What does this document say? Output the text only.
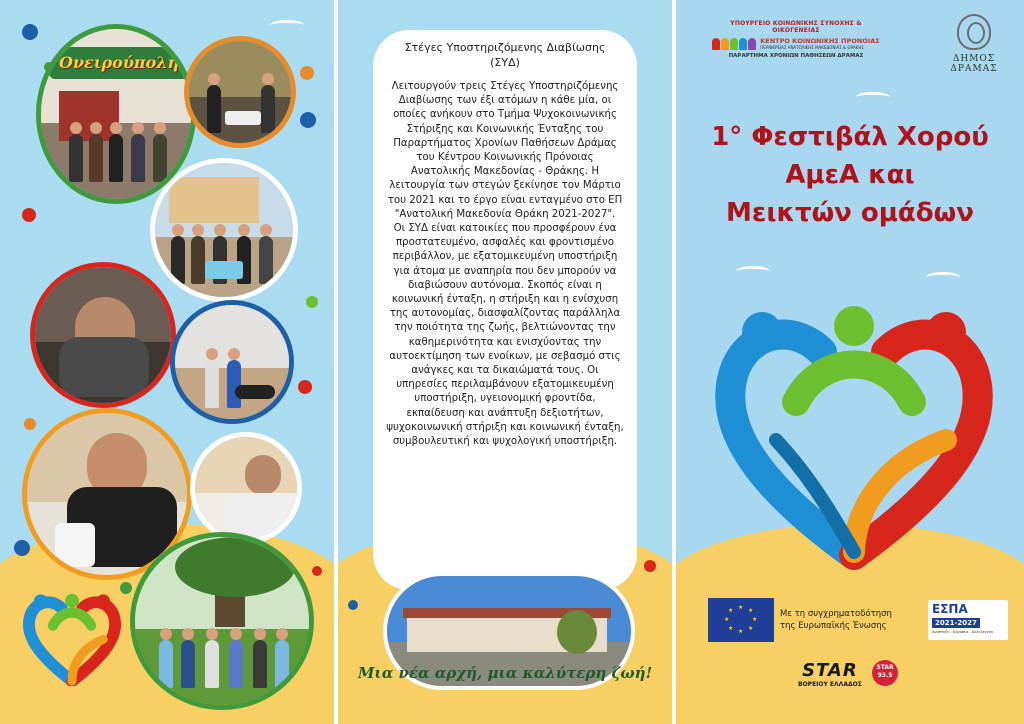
Ονειρούπολη
Στέγες Υποστηριζόμενης Διαβίωσης
(ΣΥΔ)

Λειτουργούν τρεις Στέγες Υποστηριζόμενης Διαβίωσης των έξι ατόμων η κάθε μία, οι οποίες ανήκουν στο Τμήμα Ψυχοκοινωνικής Στήριξης και Κοινωνικής Ένταξης του Παραρτήματος Χρονίων Παθήσεων Δράμας του Κέντρου Κοινωνικής Πρόνοιας Ανατολικής Μακεδονίας - Θράκης. Η λειτουργία των στεγών ξεκίνησε τον Μάρτιο του 2021 και το έργο είναι ενταγμένο στο ΕΠ "Ανατολική Μακεδονία Θράκη 2021-2027".

Οι ΣΥΔ είναι κατοικίες που προσφέρουν ένα προστατευμένο, ασφαλές και φροντισμένο περιβάλλον, με εξατομικευμένη υποστήριξη για άτομα με αναπηρία που δεν μπορούν να διαβιώσουν αυτόνομα. Σκοπός είναι η κοινωνική ένταξη, η στήριξη και η ενίσχυση της αυτονομίας, διασφαλίζοντας παράλληλα την ποιότητα της ζωής, βελτιώνοντας την καθημερινότητα και ενισχύοντας την αυτοεκτίμηση των ενοίκων, με σεβασμό στις ανάγκες και τα δικαιώματά τους. Οι υπηρεσίες περιλαμβάνουν εξατομικευμένη υποστήριξη, υγειονομική φροντίδα, εκπαίδευση και ανάπτυξη δεξιοτήτων, ψυχοκοινωνική στήριξη και κοινωνική ένταξη, συμβουλευτική και ψυχολογική υποστήριξη.

Μια νέα αρχή, μια καλύτερη ζωή!
ΥΠΟΥΡΓΕΙΟ ΚΟΙΝΩΝΙΚΗΣ ΣΥΝΟΧΗΣ & ΟΙΚΟΓΕΝΕΙΑΣ
ΚΕΝΤΡΟ ΚΟΙΝΩΝΙΚΗΣ ΠΡΟΝΟΙΑΣ
ΠΕΡΙΦΕΡΕΙΑΣ ΑΝΑΤΟΛΙΚΗΣ ΜΑΚΕΔΟΝΙΑΣ & ΘΡΑΚΗΣ
ΠΑΡΑΡΤΗΜΑ ΧΡΟΝΙΩΝ ΠΑΘΗΣΕΩΝ ΔΡΑΜΑΣ	ΔΗΜΟΣ ΔΡΑΜΑΣ
1° Φεστιβάλ Χορού
ΑμεΑ και
Μεικτών ομάδων
★ ★
★
★
★
★
★
★	Με τη συγχρηματοδότηση
της Ευρωπαϊκής Ένωσης
ΕΣΠΑ
2021-2027
Ανάπτυξη - Εργασία - Αλληλεγγύη
STAR
ΒΟΡΕΙΟΥ ΕΛΛΑΔΟΣ
STAR 93.5
